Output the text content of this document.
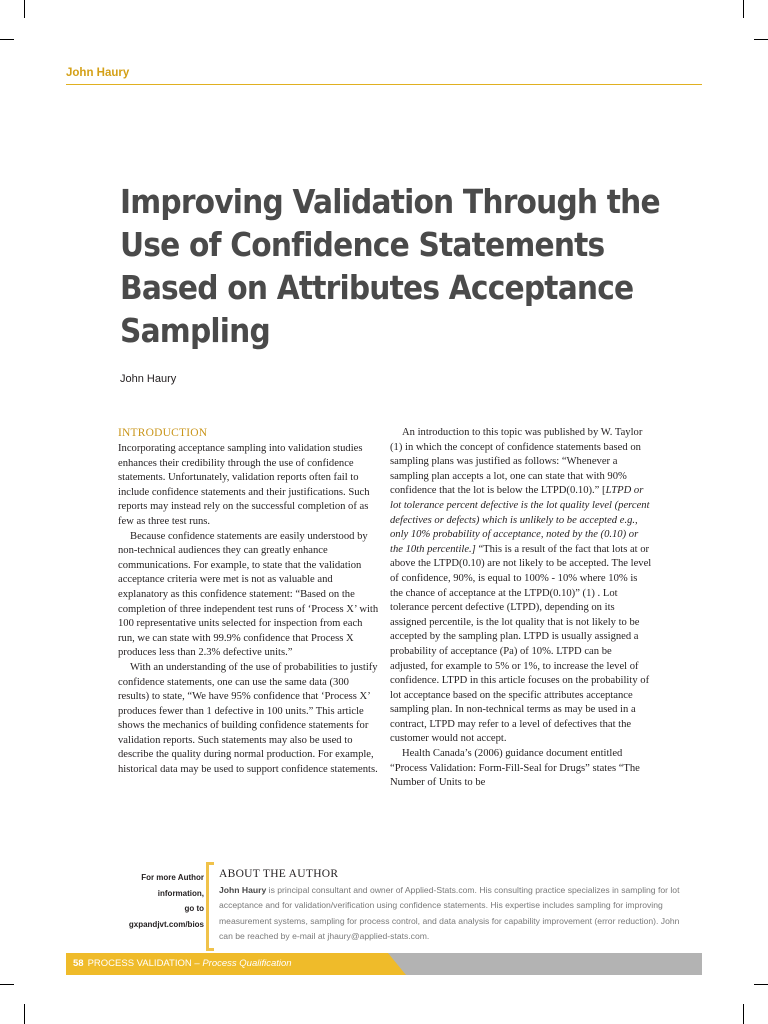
John Haury
Improving Validation Through the Use of Confidence Statements Based on Attributes Acceptance Sampling
John Haury
INTRODUCTION

Incorporating acceptance sampling into validation studies enhances their credibility through the use of confidence statements. Unfortunately, validation reports often fail to include confidence statements and their justifications. Such reports may instead rely on the successful completion of as few as three test runs.

Because confidence statements are easily understood by non-technical audiences they can greatly enhance communications. For example, to state that the validation acceptance criteria were met is not as valuable and explanatory as this confidence statement: “Based on the completion of three independent test runs of ‘Process X’ with 100 representative units selected for inspection from each run, we can state with 99.9% confidence that Process X produces less than 2.3% defective units.”

With an understanding of the use of probabilities to justify confidence statements, one can use the same data (300 results) to state, “We have 95% confidence that ‘Process X’ produces fewer than 1 defective in 100 units.” This article shows the mechanics of building confidence statements for validation reports. Such statements may also be used to describe the quality during normal production. For example, historical data may be used to support confidence statements.

An introduction to this topic was published by W. Taylor (1) in which the concept of confidence statements based on sampling plans was justified as follows: “Whenever a sampling plan accepts a lot, one can state that with 90% confidence that the lot is below the LTPD(0.10).” [LTPD or lot tolerance percent defective is the lot quality level (percent defectives or defects) which is unlikely to be accepted e.g., only 10% probability of acceptance, noted by the (0.10) or the 10th percentile.] “This is a result of the fact that lots at or above the LTPD(0.10) are not likely to be accepted. The level of confidence, 90%, is equal to 100% - 10% where 10% is the chance of acceptance at the LTPD(0.10)” (1) . Lot tolerance percent defective (LTPD), depending on its assigned percentile, is the lot quality that is not likely to be accepted by the sampling plan. LTPD is usually assigned a probability of acceptance (Pa) of 10%. LTPD can be adjusted, for example to 5% or 1%, to increase the level of confidence. LTPD in this article focuses on the probability of lot acceptance based on the specific attributes acceptance sampling plan. In non-technical terms as may be used in a contract, LTPD may refer to a level of defectives that the customer would not accept.

Health Canada’s (2006) guidance document entitled “Process Validation: Form-Fill-Seal for Drugs” states “The Number of Units to be

For more Author
information,
go to
gxpandjvt.com/bios
ABOUT THE AUTHOR
John Haury is principal consultant and owner of Applied-Stats.com. His consulting practice specializes in sampling for lot acceptance and for validation/verification using confidence statements. His expertise includes sampling for improving measurement systems, sampling for process control, and data analysis for capability improvement (error reduction). John can be reached by e-mail at jhaury@applied-stats.com.
58 PROCESS VALIDATION – Process Qualification
